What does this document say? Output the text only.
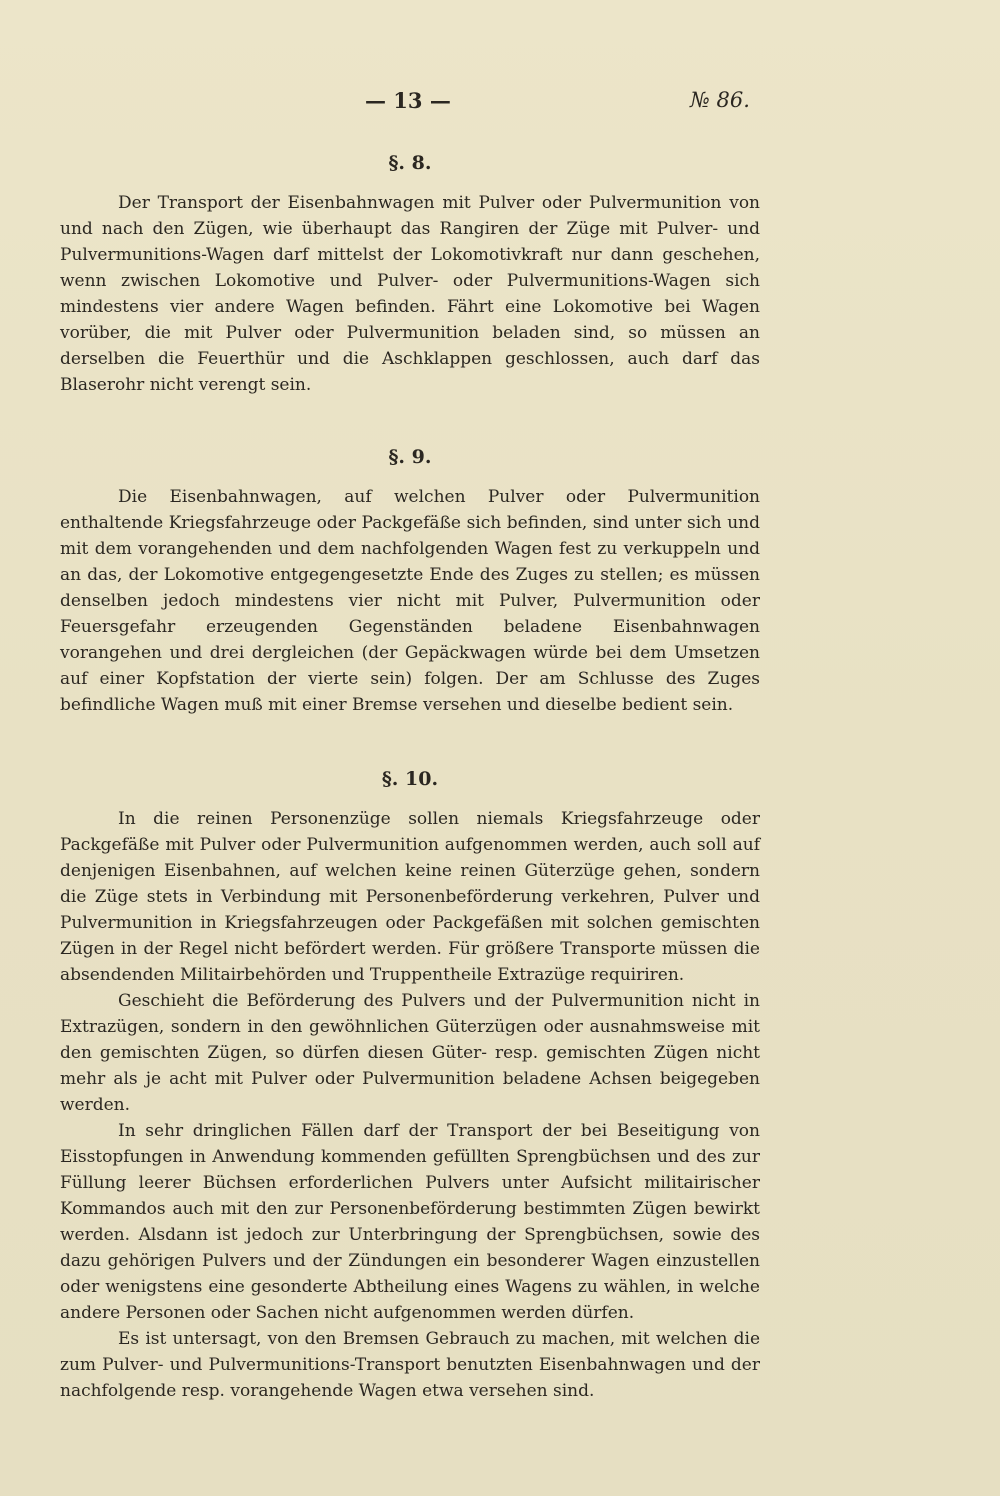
— 13 —	№ 86.
§. 8.

Der Transport der Eisenbahnwagen mit Pulver oder Pulvermunition von und nach den Zügen, wie überhaupt das Rangiren der Züge mit Pulver- und Pulvermunitions-Wagen darf mittelst der Lokomotivkraft nur dann geschehen, wenn zwischen Lokomotive und Pulver- oder Pulvermunitions-Wagen sich mindestens vier andere Wagen befinden. Fährt eine Lokomotive bei Wagen vorüber, die mit Pulver oder Pulvermunition beladen sind, so müssen an derselben die Feuerthür und die Aschklappen geschlossen, auch darf das Blaserohr nicht verengt sein.

§. 9.

Die Eisenbahnwagen, auf welchen Pulver oder Pulvermunition enthaltende Kriegsfahrzeuge oder Packgefäße sich befinden, sind unter sich und mit dem vorangehenden und dem nachfolgenden Wagen fest zu verkuppeln und an das, der Lokomotive entgegengesetzte Ende des Zuges zu stellen; es müssen denselben jedoch mindestens vier nicht mit Pulver, Pulvermunition oder Feuersgefahr erzeugenden Gegenständen beladene Eisenbahnwagen vorangehen und drei dergleichen (der Gepäckwagen würde bei dem Umsetzen auf einer Kopfstation der vierte sein) folgen. Der am Schlusse des Zuges befindliche Wagen muß mit einer Bremse versehen und dieselbe bedient sein.

§. 10.

In die reinen Personenzüge sollen niemals Kriegsfahrzeuge oder Packgefäße mit Pulver oder Pulvermunition aufgenommen werden, auch soll auf denjenigen Eisenbahnen, auf welchen keine reinen Güterzüge gehen, sondern die Züge stets in Verbindung mit Personenbeförderung verkehren, Pulver und Pulvermunition in Kriegsfahrzeugen oder Packgefäßen mit solchen gemischten Zügen in der Regel nicht befördert werden. Für größere Transporte müssen die absendenden Militairbehörden und Truppentheile Extrazüge requiriren.

Geschieht die Beförderung des Pulvers und der Pulvermunition nicht in Extrazügen, sondern in den gewöhnlichen Güterzügen oder ausnahmsweise mit den gemischten Zügen, so dürfen diesen Güter- resp. gemischten Zügen nicht mehr als je acht mit Pulver oder Pulvermunition beladene Achsen beigegeben werden.

In sehr dringlichen Fällen darf der Transport der bei Beseitigung von Eisstopfungen in Anwendung kommenden gefüllten Sprengbüchsen und des zur Füllung leerer Büchsen erforderlichen Pulvers unter Aufsicht militairischer Kommandos auch mit den zur Personenbeförderung bestimmten Zügen bewirkt werden. Alsdann ist jedoch zur Unterbringung der Sprengbüchsen, sowie des dazu gehörigen Pulvers und der Zündungen ein besonderer Wagen einzustellen oder wenigstens eine gesonderte Abtheilung eines Wagens zu wählen, in welche andere Personen oder Sachen nicht aufgenommen werden dürfen.

Es ist untersagt, von den Bremsen Gebrauch zu machen, mit welchen die zum Pulver- und Pulvermunitions-Transport benutzten Eisenbahnwagen und der nachfolgende resp. vorangehende Wagen etwa versehen sind.
